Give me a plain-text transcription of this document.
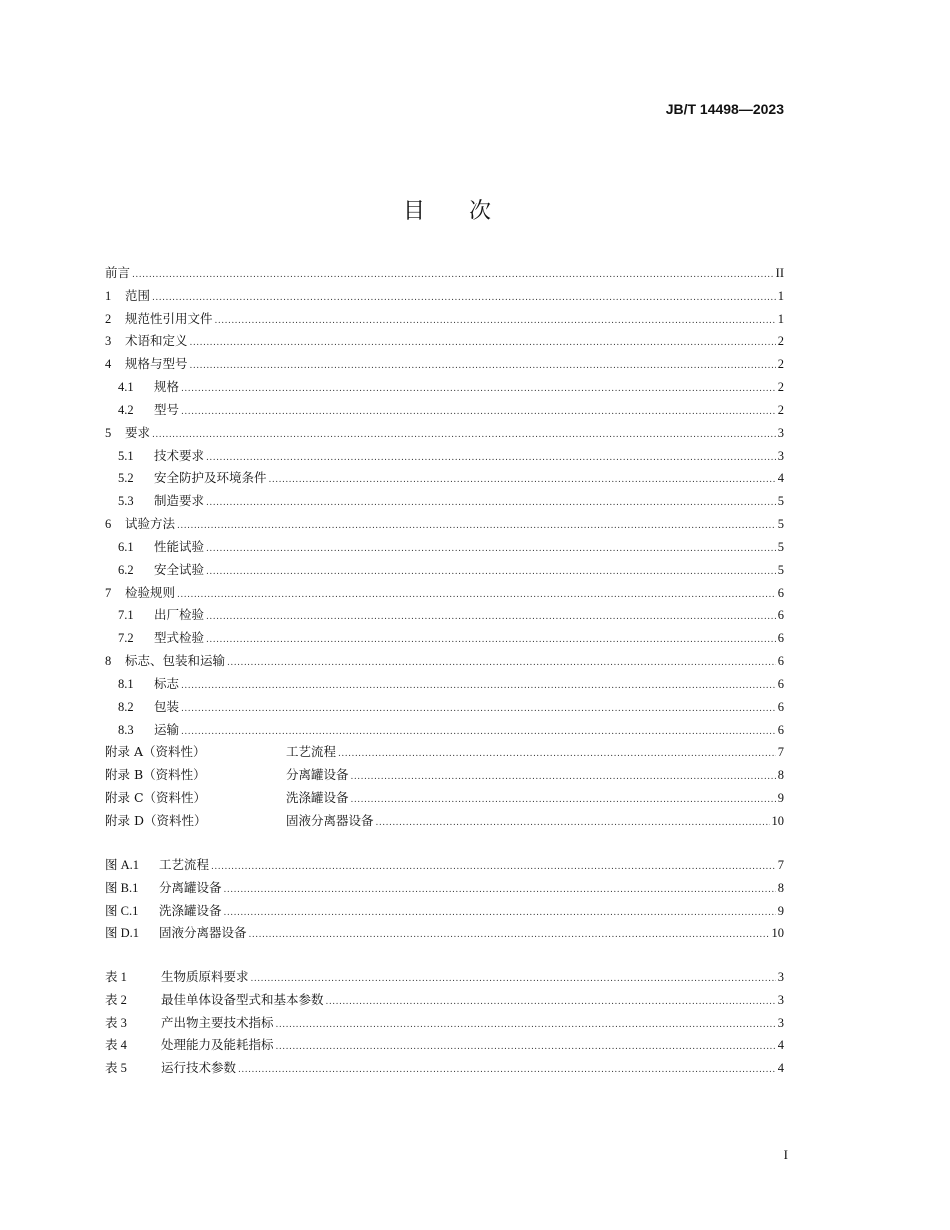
JB/T 14498—2023
目　　次
前言 .....	II
1	范围 .....	1
2	规范性引用文件 .....	1
3	术语和定义 .....	2
4	规格与型号 .....	2
4.1	规格 .....	2
4.2	型号 .....	2
5	要求 .....	3
5.1	技术要求 .....	3
5.2	安全防护及环境条件 .....	4
5.3	制造要求 .....	5
6	试验方法 .....	5
6.1	性能试验 .....	5
6.2	安全试验 .....	5
7	检验规则 .....	6
7.1	出厂检验 .....	6
7.2	型式检验 .....	6
8	标志、包装和运输 .....	6
8.1	标志 .....	6
8.2	包装 .....	6
8.3	运输 .....	6
附录 A（资料性）	工艺流程 .....	7
附录 B（资料性）	分离罐设备 .....	8
附录 C（资料性）	洗涤罐设备 .....	9
附录 D（资料性）	固液分离器设备 .....	10
图 A.1	工艺流程 .....	7
图 B.1	分离罐设备 .....	8
图 C.1	洗涤罐设备 .....	9
图 D.1	固液分离器设备 .....	10
表 1	生物质原料要求 .....	3
表 2	最佳单体设备型式和基本参数 .....	3
表 3	产出物主要技术指标 .....	3
表 4	处理能力及能耗指标 .....	4
表 5	运行技术参数 .....	4
I
